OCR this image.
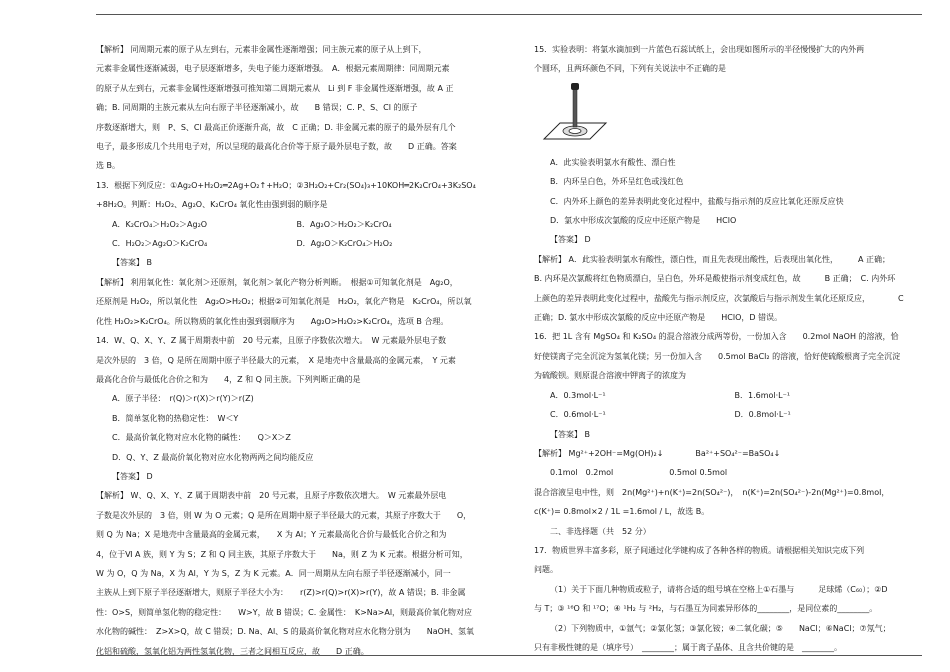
【解析】 同周期元素的原子从左到右，元素非金属性逐渐增强；同主族元素的原子从上到下，

元素非金属性逐渐减弱，电子层逐渐增多，失电子能力逐渐增强。　A．根据元素周期律：同周期元素

的原子从左到右，元素非金属性逐渐增强可推知第二周期元素从　Li 到 F 非金属性逐渐增强，故 A 正

确；B. 同周期的主族元素从左向右原子半径逐渐减小，故　　B 错误；C. P、S、Cl 的原子

序数逐渐增大，则　P、S、Cl 最高正价逐渐升高，故　C 正确；D. 非金属元素的原子的最外层有几个

电子，最多形成几个共用电子对，所以呈现的最高化合价等于原子最外层电子数，故　　D 正确。答案

选 B。

13．根据下列反应：①Ag₂O+H₂O₂═2Ag+O₂↑+H₂O；②3H₂O₂+Cr₂(SO₄)₃+10KOH═2K₂CrO₄+3K₂SO₄

+8H₂O。判断：H₂O₂、Ag₂O、K₂CrO₄ 氧化性由强到弱的顺序是

A．K₂CrO₄＞H₂O₂＞Ag₂O	B．Ag₂O＞H₂O₂＞K₂CrO₄
C．H₂O₂＞Ag₂O＞K₂CrO₄	D．Ag₂O＞K₂CrO₄＞H₂O₂

【答案】 B

【解析】 利用氧化性：氧化剂＞还原剂，氧化剂＞氧化产物分析判断。　根据①可知氧化剂是　Ag₂O，

还原剂是 H₂O₂，所以氧化性　Ag₂O>H₂O₂；根据②可知氧化剂是　H₂O₂，氧化产物是　K₂CrO₄，所以氧

化性 H₂O₂>K₂CrO₄。所以物质的氧化性由强到弱顺序为　　Ag₂O>H₂O₂>K₂CrO₄，选项 B 合理。

14．W、Q、X、Y、Z 属于周期表中前　20 号元素，且原子序数依次增大。　W 元素最外层电子数

是次外层的　3 倍，Q 是所在周期中原子半径最大的元素，　X 是地壳中含量最高的金属元素，　Y 元素

最高化合价与最低化合价之和为　　4，Z 和 Q 同主族。下列判断正确的是

A．原子半径：　r(Q)＞r(X)＞r(Y)＞r(Z)

B．简单氢化物的热稳定性：　W＜Y

C．最高价氧化物对应水化物的碱性：　　Q＞X＞Z

D．Q、Y、Z 最高价氧化物对应水化物两两之间均能反应

【答案】 D

【解析】 W、Q、X、Y、Z 属于周期表中前　20 号元素，且原子序数依次增大。　W 元素最外层电

子数是次外层的　3 倍，则 W 为 O 元素；Q 是所在周期中原子半径最大的元素，其原子序数大于　　O，

则 Q 为 Na；X 是地壳中含量最高的金属元素，　　X 为 Al；Y 元素最高化合价与最低化合价之和为

4，位于Ⅵ A 族，则 Y 为 S；Z 和 Q 同主族，其原子序数大于　　Na，则 Z 为 K 元素。根据分析可知，

W 为 O，Q 为 Na，X 为 Al，Y 为 S，Z 为 K 元素。A．同一周期从左向右原子半径逐渐减小，同一

主族从上到下原子半径逐渐增大，则原子半径大小为：　　r(Z)>r(Q)>r(X)>r(Y)，故 A 错误；B. 非金属

性：O>S，则简单氢化物的稳定性：　　W>Y，故 B 错误；C. 金属性：　K>Na>Al，则最高价氧化物对应

水化物的碱性：　Z>X>Q，故 C 错误；D. Na、Al、S 的最高价氧化物对应水化物分别为　　NaOH、氢氧

化铝和硫酸，氢氧化铝为两性氢氧化物，三者之间相互反应，故　　D 正确。

15．实验表明：将氯水滴加到一片蓝色石蕊试纸上，会出现如图所示的半径慢慢扩大的内外两

个圆环，且两环颜色不同，下列有关说法中不正确的是

A．此实验表明氯水有酸性、漂白性

B．内环呈白色，外环呈红色或浅红色

C．内外环上颜色的差异表明此变化过程中，盐酸与指示剂的反应比氧化还原反应快

D．氯水中形成次氯酸的反应中还原产物是　　HClO

【答案】 D

【解析】 A．此实验表明氯水有酸性，漂白性，而且先表现出酸性，后表现出氧化性，　　　A 正确；

B. 内环是次氯酸将红色物质漂白，呈白色，外环是酸使指示剂变成红色，故　　　B 正确；　C. 内外环

上颜色的差异表明此变化过程中，盐酸先与指示剂反应，次氯酸后与指示剂发生氧化还原反应，　　　　C

正确；D. 氯水中形成次氯酸的反应中还原产物是　　HClO，D 错误。

16．把 1L 含有 MgSO₄ 和 K₂SO₄ 的混合溶液分成两等份，一份加入含　　0.2mol NaOH 的溶液，恰

好使镁离子完全沉淀为氢氧化镁；另一份加入含　　0.5mol BaCl₂ 的溶液，恰好使硫酸根离子完全沉淀

为硫酸钡。则原混合溶液中钾离子的浓度为

A．0.3mol·L⁻¹	B．1.6mol·L⁻¹
C．0.6mol·L⁻¹	D．0.8mol·L⁻¹

【答案】 B

【解析】 Mg²⁺+2OH⁻=Mg(OH)₂↓　　　　Ba²⁺+SO₄²⁻=BaSO₄↓

　　0.1mol　0.2mol　　　　　　　0.5mol 0.5mol

混合溶液呈电中性，则　2n(Mg²⁺)+n(K⁺)=2n(SO₄²⁻)，　n(K⁺)=2n(SO₄²⁻)-2n(Mg²⁺)=0.8mol，

c(K⁺)= 0.8mol×2 / 1L =1.6mol / L，故选 B。

二、非选择题（共　52 分）

17．物质世界丰富多彩，原子间通过化学键构成了各种各样的物质。请根据相关知识完成下列

问题。

（1）关于下面几种物质或粒子，请将合适的组号填在空格上①石墨与　　　足球烯（C₆₀）；②D

与 T；③ ¹⁶O 和 ¹⁷O；④ ¹H₂ 与 ²H₂，与石墨互为同素异形体的________，是同位素的________。

（2）下列物质中，①氩气；②氯化氢；③氯化铵；④二氧化碳；⑤　　NaCl；⑥NaCl；⑦氖气；

只有非极性键的是（填序号）　________；属于离子晶体、且含共价键的是　________。
